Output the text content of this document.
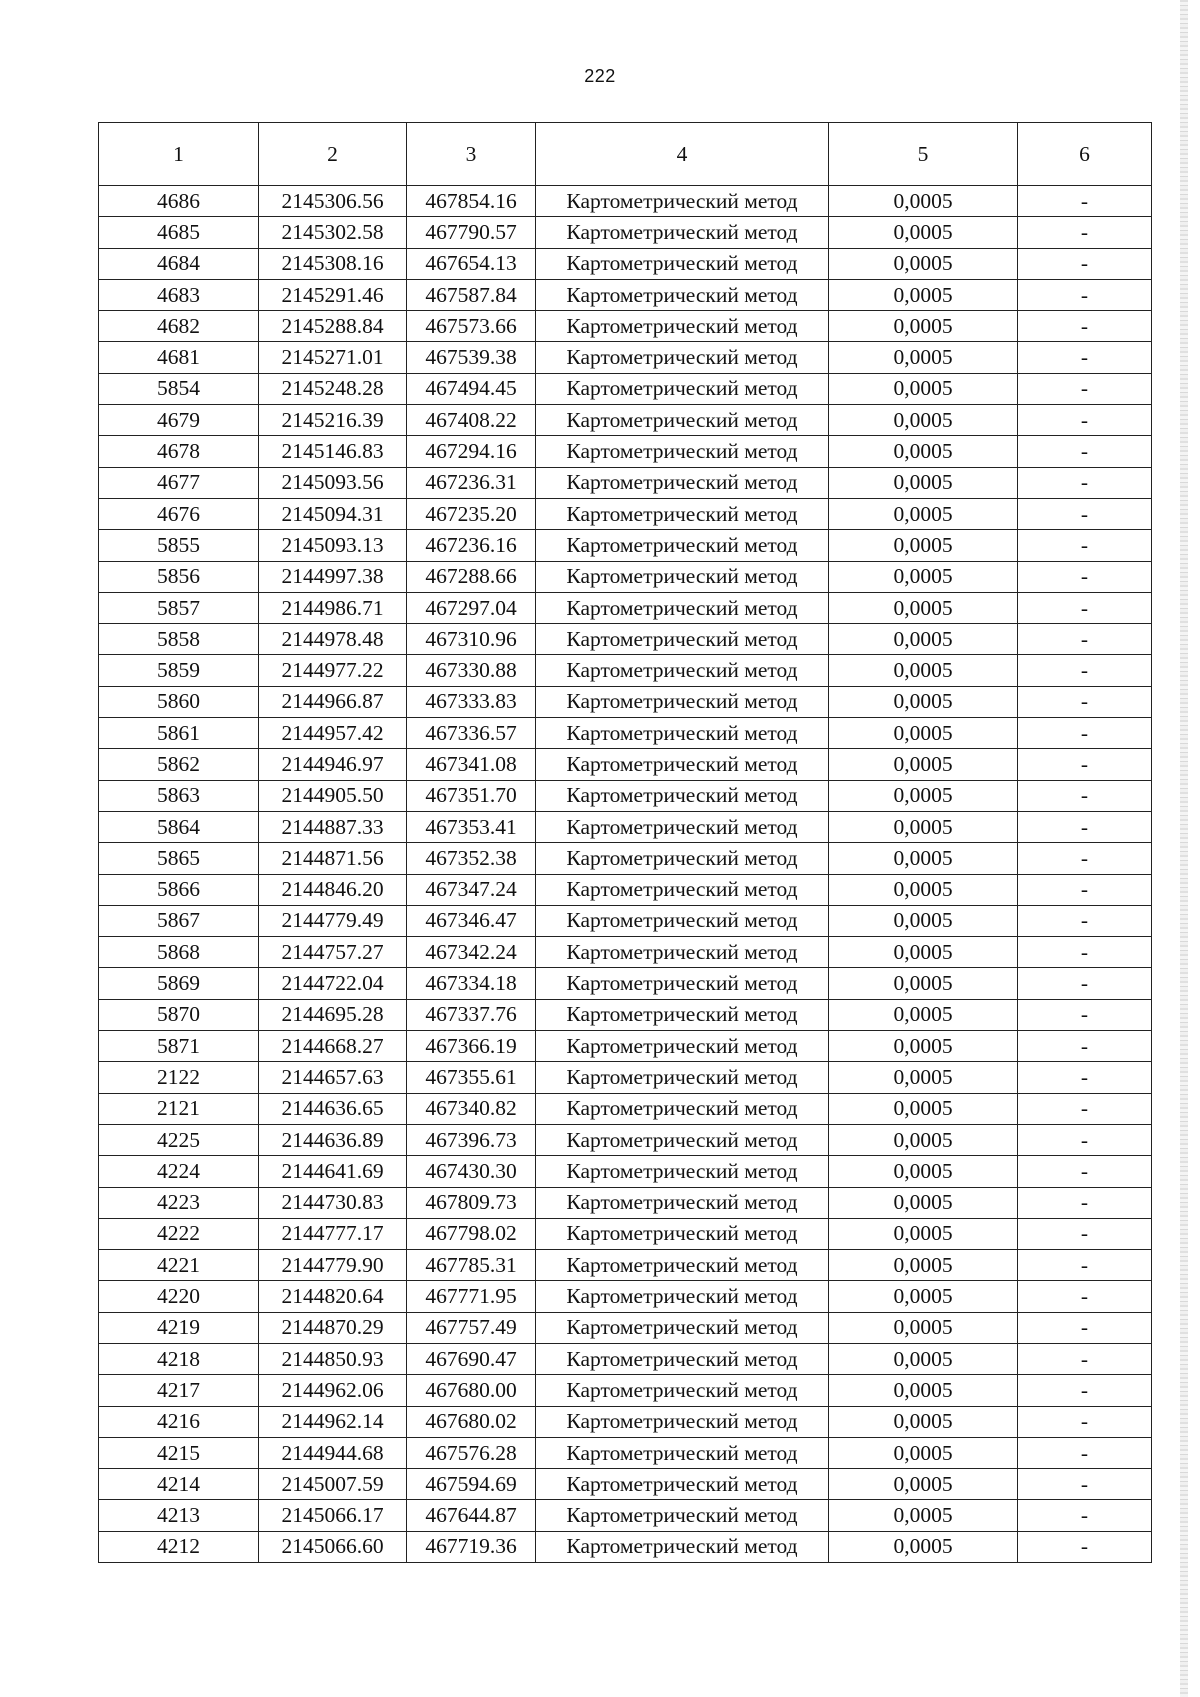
222
1	2	3	4	5	6
4686	2145306.56	467854.16	Картометрический метод	0,0005	-
4685	2145302.58	467790.57	Картометрический метод	0,0005	-
4684	2145308.16	467654.13	Картометрический метод	0,0005	-
4683	2145291.46	467587.84	Картометрический метод	0,0005	-
4682	2145288.84	467573.66	Картометрический метод	0,0005	-
4681	2145271.01	467539.38	Картометрический метод	0,0005	-
5854	2145248.28	467494.45	Картометрический метод	0,0005	-
4679	2145216.39	467408.22	Картометрический метод	0,0005	-
4678	2145146.83	467294.16	Картометрический метод	0,0005	-
4677	2145093.56	467236.31	Картометрический метод	0,0005	-
4676	2145094.31	467235.20	Картометрический метод	0,0005	-
5855	2145093.13	467236.16	Картометрический метод	0,0005	-
5856	2144997.38	467288.66	Картометрический метод	0,0005	-
5857	2144986.71	467297.04	Картометрический метод	0,0005	-
5858	2144978.48	467310.96	Картометрический метод	0,0005	-
5859	2144977.22	467330.88	Картометрический метод	0,0005	-
5860	2144966.87	467333.83	Картометрический метод	0,0005	-
5861	2144957.42	467336.57	Картометрический метод	0,0005	-
5862	2144946.97	467341.08	Картометрический метод	0,0005	-
5863	2144905.50	467351.70	Картометрический метод	0,0005	-
5864	2144887.33	467353.41	Картометрический метод	0,0005	-
5865	2144871.56	467352.38	Картометрический метод	0,0005	-
5866	2144846.20	467347.24	Картометрический метод	0,0005	-
5867	2144779.49	467346.47	Картометрический метод	0,0005	-
5868	2144757.27	467342.24	Картометрический метод	0,0005	-
5869	2144722.04	467334.18	Картометрический метод	0,0005	-
5870	2144695.28	467337.76	Картометрический метод	0,0005	-
5871	2144668.27	467366.19	Картометрический метод	0,0005	-
2122	2144657.63	467355.61	Картометрический метод	0,0005	-
2121	2144636.65	467340.82	Картометрический метод	0,0005	-
4225	2144636.89	467396.73	Картометрический метод	0,0005	-
4224	2144641.69	467430.30	Картометрический метод	0,0005	-
4223	2144730.83	467809.73	Картометрический метод	0,0005	-
4222	2144777.17	467798.02	Картометрический метод	0,0005	-
4221	2144779.90	467785.31	Картометрический метод	0,0005	-
4220	2144820.64	467771.95	Картометрический метод	0,0005	-
4219	2144870.29	467757.49	Картометрический метод	0,0005	-
4218	2144850.93	467690.47	Картометрический метод	0,0005	-
4217	2144962.06	467680.00	Картометрический метод	0,0005	-
4216	2144962.14	467680.02	Картометрический метод	0,0005	-
4215	2144944.68	467576.28	Картометрический метод	0,0005	-
4214	2145007.59	467594.69	Картометрический метод	0,0005	-
4213	2145066.17	467644.87	Картометрический метод	0,0005	-
4212	2145066.60	467719.36	Картометрический метод	0,0005	-
